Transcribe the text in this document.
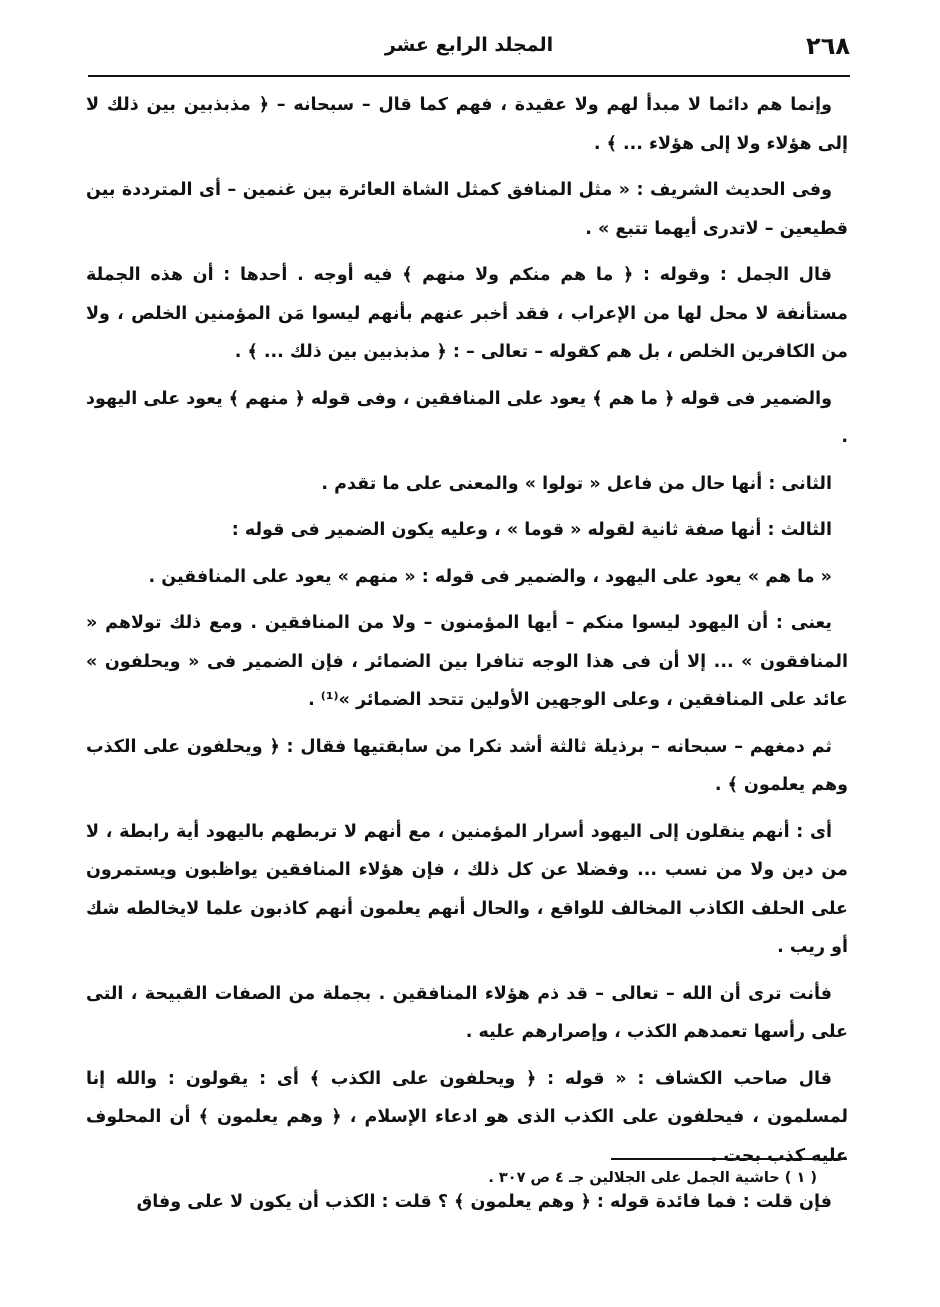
٢٦٨
المجلد الرابع عشر

وإنما هم دائما لا مبدأ لهم ولا عقيدة ، فهم كما قال – سبحانه – ﴿ مذبذبين بين ذلك لا إلى هؤلاء ولا إلى هؤلاء ... ﴾ .

وفى الحديث الشريف : « مثل المنافق كمثل الشاة العائرة بين غنمين – أى المترددة بين قطيعين – لاتدرى أيهما تتبع » .

قال الجمل : وقوله : ﴿ ما هم منكم ولا منهم ﴾ فيه أوجه . أحدها : أن هذه الجملة مستأنفة لا محل لها من الإعراب ، فقد أخبر عنهم بأنهم ليسوا مَن المؤمنين الخلص ، ولا من الكافرين الخلص ، بل هم كقوله – تعالى – : ﴿ مذبذبين بين ذلك ... ﴾ .

والضمير فى قوله ﴿ ما هم ﴾ يعود على المنافقين ، وفى قوله ﴿ منهم ﴾ يعود على اليهود .

الثانى : أنها حال من فاعل « تولوا » والمعنى على ما تقدم .

الثالث : أنها صفة ثانية لقوله « قوما » ، وعليه يكون الضمير فى قوله :

« ما هم » يعود على اليهود ، والضمير فى قوله : « منهم » يعود على المنافقين .

يعنى : أن اليهود ليسوا منكم – أيها المؤمنون – ولا من المنافقين . ومع ذلك تولاهم « المنافقون » ... إلا أن فى هذا الوجه تنافرا بين الضمائر ، فإن الضمير فى « ويحلفون » عائد على المنافقين ، وعلى الوجهين الأولين تتحد الضمائر »⁽¹⁾ .

ثم دمغهم – سبحانه – برذيلة ثالثة أشد نكرا من سابقتيها فقال : ﴿ ويحلفون على الكذب وهم يعلمون ﴾ .

أى : أنهم ينقلون إلى اليهود أسرار المؤمنين ، مع أنهم لا تربطهم باليهود أية رابطة ، لا من دين ولا من نسب ... وفضلا عن كل ذلك ، فإن هؤلاء المنافقين يواظبون ويستمرون على الحلف الكاذب المخالف للواقع ، والحال أنهم يعلمون أنهم كاذبون علما لايخالطه شك أو ريب .

فأنت ترى أن الله – تعالى – قد ذم هؤلاء المنافقين . بجملة من الصفات القبيحة ، التى على رأسها تعمدهم الكذب ، وإصرارهم عليه .

قال صاحب الكشاف : « قوله : ﴿ ويحلفون على الكذب ﴾ أى : يقولون : والله إنا لمسلمون ، فيحلفون على الكذب الذى هو ادعاء الإسلام ، ﴿ وهم يعلمون ﴾ أن المحلوف عليه كذب بحت .

فإن قلت : فما فائدة قوله : ﴿ وهم يعلمون ﴾ ؟ قلت : الكذب أن يكون لا على وفاق

( ١ ) حاشية الجمل على الجلالين جـ ٤ ص ٣٠٧ .
